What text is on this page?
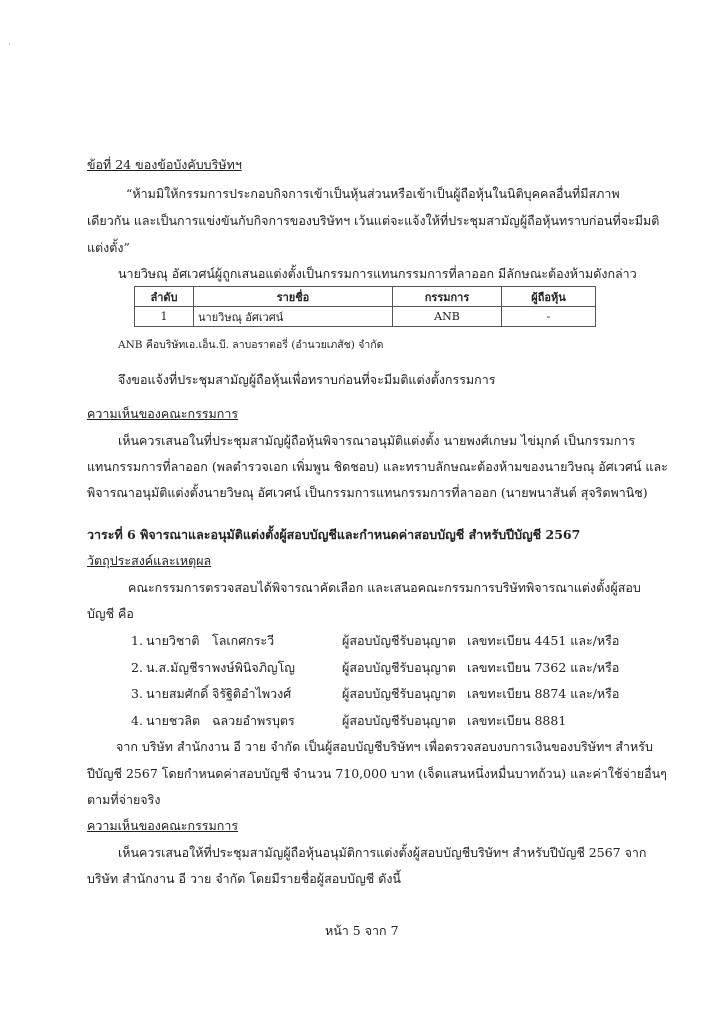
·
ข้อที่ 24 ของข้อบังคับบริษัทฯ
“ห้ามมิให้กรรมการประกอบกิจการเข้าเป็นหุ้นส่วนหรือเข้าเป็นผู้ถือหุ้นในนิติบุคคลอื่นที่มีสภาพ
เดียวกัน และเป็นการแข่งขันกับกิจการของบริษัทฯ เว้นแต่จะแจ้งให้ที่ประชุมสามัญผู้ถือหุ้นทราบก่อนที่จะมีมติ
แต่งตั้ง”
นายวิษณุ อัศเวศน์ผู้ถูกเสนอแต่งตั้งเป็นกรรมการแทนกรรมการที่ลาออก มีลักษณะต้องห้ามดังกล่าว
ลำดับ	รายชื่อ	กรรมการ	ผู้ถือหุ้น
1	นายวิษณุ อัศเวศน์	ANB	-
ANB คือบริษัทเอ.เอ็น.บี. ลาบอราตอรี่ (อำนวยเภสัช) จำกัด
จึงขอแจ้งที่ประชุมสามัญผู้ถือหุ้นเพื่อทราบก่อนที่จะมีมติแต่งตั้งกรรมการ
ความเห็นของคณะกรรมการ
เห็นควรเสนอในที่ประชุมสามัญผู้ถือหุ้นพิจารณาอนุมัติแต่งตั้ง นายพงศ์เกษม ไข่มุกด์ เป็นกรรมการ
แทนกรรมการที่ลาออก (พลตำรวจเอก เพิ่มพูน ชิดชอบ) และทราบลักษณะต้องห้ามของนายวิษณุ อัศเวศน์ และ
พิจารณาอนุมัติแต่งตั้งนายวิษณุ อัศเวศน์ เป็นกรรมการแทนกรรมการที่ลาออก (นายพนาสันต์ สุจริตพานิช)
วาระที่ 6 พิจารณาและอนุมัติแต่งตั้งผู้สอบบัญชีและกำหนดค่าสอบบัญชี สำหรับปีบัญชี 2567
วัตถุประสงค์และเหตุผล
คณะกรรมการตรวจสอบได้พิจารณาคัดเลือก และเสนอคณะกรรมการบริษัทพิจารณาแต่งตั้งผู้สอบ
บัญชี คือ
1. นายวิชาติ โลเกศกระวี	ผู้สอบบัญชีรับอนุญาต เลขทะเบียน 4451 และ/หรือ
2. น.ส.มัญชีรา พงษ์พินิจภิญโญ	ผู้สอบบัญชีรับอนุญาต เลขทะเบียน 7362 และ/หรือ
3. นายสมศักดิ์ จิรัฐิติอำไพวงศ์	ผู้สอบบัญชีรับอนุญาต เลขทะเบียน 8874 และ/หรือ
4. นายชวลิต ฉลวยอำพรบุตร	ผู้สอบบัญชีรับอนุญาต เลขทะเบียน 8881
จาก บริษัท สำนักงาน อี วาย จำกัด เป็นผู้สอบบัญชีบริษัทฯ เพื่อตรวจสอบงบการเงินของบริษัทฯ สำหรับ
ปีบัญชี 2567 โดยกำหนดค่าสอบบัญชี จำนวน 710,000 บาท (เจ็ดแสนหนึ่งหมื่นบาทถ้วน) และค่าใช้จ่ายอื่นๆ
ตามที่จ่ายจริง
ความเห็นของคณะกรรมการ
เห็นควรเสนอให้ที่ประชุมสามัญผู้ถือหุ้นอนุมัติการแต่งตั้งผู้สอบบัญชีบริษัทฯ สำหรับปีบัญชี 2567 จาก
บริษัท สำนักงาน อี วาย จำกัด โดยมีรายชื่อผู้สอบบัญชี ดังนี้
หน้า 5 จาก 7
